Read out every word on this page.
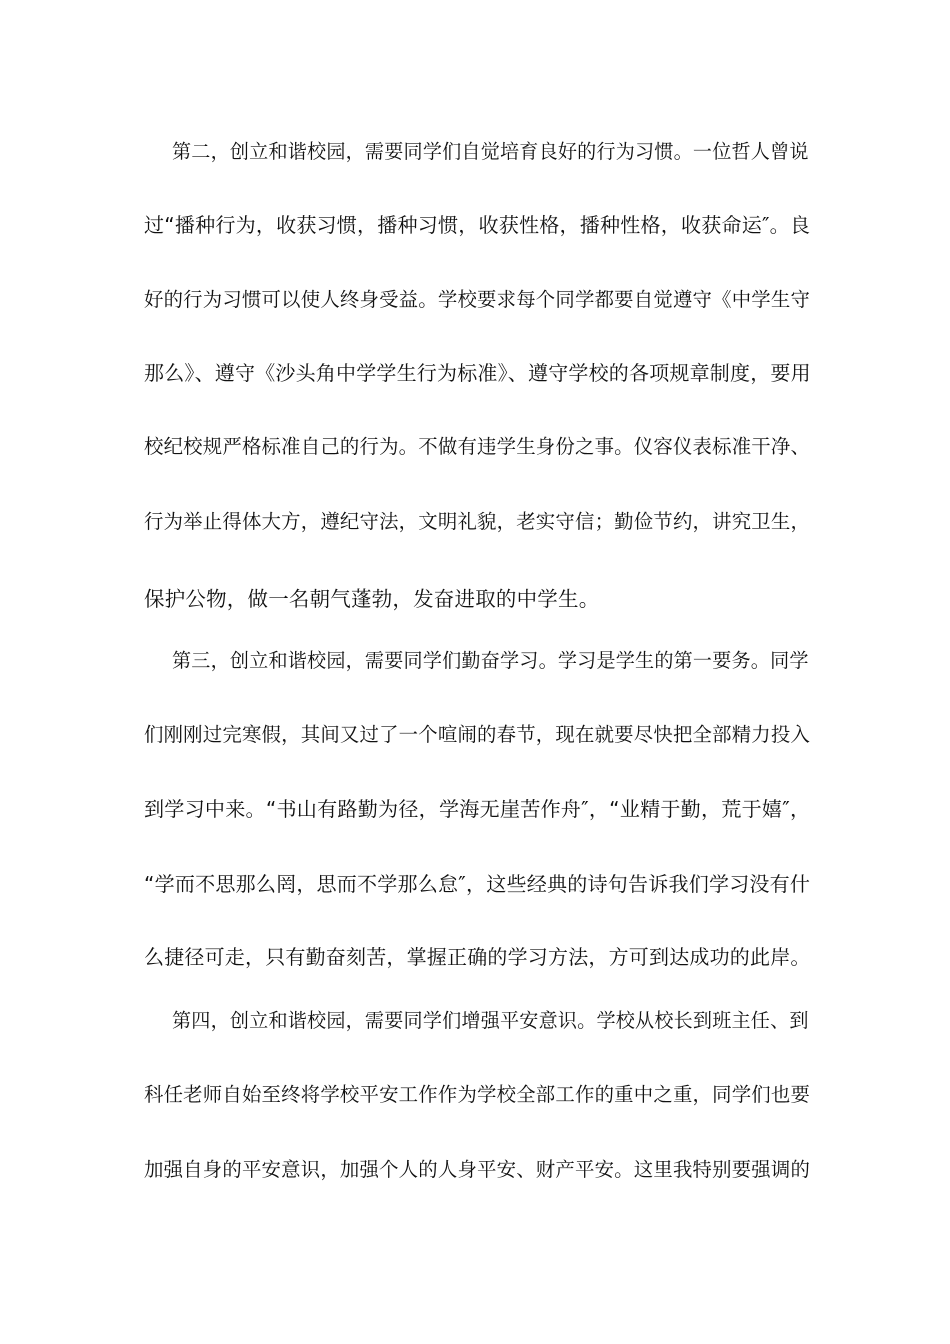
第二，创立和谐校园，需要同学们自觉培育良好的行为习惯。一位哲人曾说
过“播种行为，收获习惯，播种习惯，收获性格，播种性格，收获命运″。良
好的行为习惯可以使人终身受益。学校要求每个同学都要自觉遵守《中学生守
那么》、遵守《沙头角中学学生行为标准》、遵守学校的各项规章制度，要用
校纪校规严格标准自己的行为。不做有违学生身份之事。仪容仪表标准干净、
行为举止得体大方，遵纪守法，文明礼貌，老实守信；勤俭节约，讲究卫生，
保护公物，做一名朝气蓬勃，发奋进取的中学生。
第三，创立和谐校园，需要同学们勤奋学习。学习是学生的第一要务。同学
们刚刚过完寒假，其间又过了一个喧闹的春节，现在就要尽快把全部精力投入
到学习中来。“书山有路勤为径，学海无崖苦作舟″，“业精于勤，荒于嬉″，
“学而不思那么罔，思而不学那么怠″，这些经典的诗句告诉我们学习没有什
么捷径可走，只有勤奋刻苦，掌握正确的学习方法，方可到达成功的此岸。
第四，创立和谐校园，需要同学们增强平安意识。学校从校长到班主任、到
科任老师自始至终将学校平安工作作为学校全部工作的重中之重，同学们也要
加强自身的平安意识，加强个人的人身平安、财产平安。这里我特别要强调的
